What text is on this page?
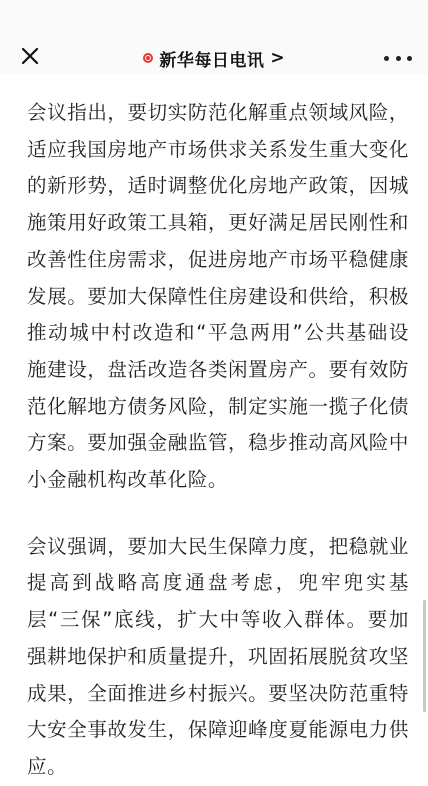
新华每日电讯 >

会议指出，要切实防范化解重点领域风险，适应我国房地产市场供求关系发生重大变化的新形势，适时调整优化房地产政策，因城施策用好政策工具箱，更好满足居民刚性和改善性住房需求，促进房地产市场平稳健康发展。要加大保障性住房建设和供给，积极推动城中村改造和“平急两用”公共基础设施建设，盘活改造各类闲置房产。要有效防范化解地方债务风险，制定实施一揽子化债方案。要加强金融监管，稳步推动高风险中小金融机构改革化险。

会议强调，要加大民生保障力度，把稳就业提高到战略高度通盘考虑，兜牢兜实基层“三保”底线，扩大中等收入群体。要加强耕地保护和质量提升，巩固拓展脱贫攻坚成果，全面推进乡村振兴。要坚决防范重特大安全事故发生，保障迎峰度夏能源电力供应。
